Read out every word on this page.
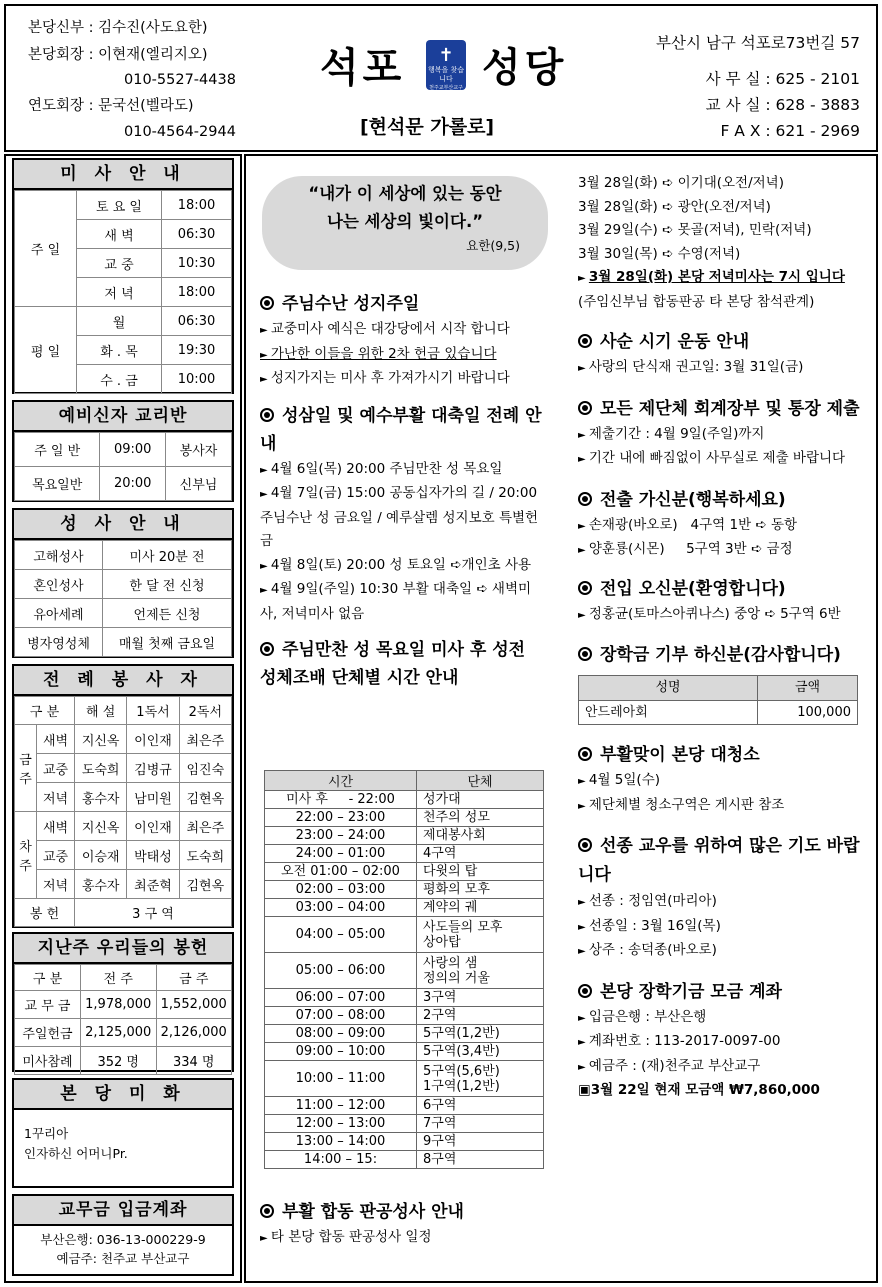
본당신부 : 김수진(사도요한)
본당회장 : 이현재(엘리지오)
010-5527-4438
연도회장 : 문국선(벨라도)
010-4564-2944
석포	✝
행복을 찾습니다
천주교부산교구 성당
[현석문 가롤로]
부산시 남구 석포로73번길 57
사 무 실 : 625 - 2101
교 사 실 : 628 - 3883
F A X : 621 - 2969
미 사 안 내
주 일	토 요 일	18:00
	새 벽	06:30
	교 중	10:30
	저 녁	18:00
평 일	월	06:30
	화 . 목	19:30
	수 . 금	10:00
예비신자 교리반
주 일 반	09:00	봉사자
목요일반	20:00	신부님
성 사 안 내
고해성사	미사 20분 전
혼인성사	한 달 전 신청
유아세례	언제든 신청
병자영성체	매월 첫째 금요일
전 례 봉 사 자
구 분		해 설	1독서	2독서
금주	새벽	지신옥	이인재	최은주
	교중	도숙희	김병규	임진숙
	저녁	홍수자	남미원	김현옥
차주	새벽	지신옥	이인재	최은주
	교중	이승재	박태성	도숙희
	저녁	홍수자	최준혁	김현옥
봉 헌		3 구 역		
지난주 우리들의 봉헌
구 분	전 주	금 주
교 무 금	1,978,000	1,552,000
주일헌금	2,125,000	2,126,000
미사참례	352 명	334 명
본 당 미 화
1꾸리아
인자하신 어머니Pr.
교무금 입금계좌
부산은행: 036-13-000229-9
예금주: 천주교 부산교구
“내가 이 세상에 있는 동안
나는 세상의 빛이다.”
요한(9,5)
주님수난 성지주일

► 교중미사 예식은 대강당에서 시작 합니다

► 가난한 이들을 위한 2차 헌금 있습니다

► 성지가지는 미사 후 가져가시기 바랍니다

성삼일 및 예수부활 대축일 전례 안내

► 4월 6일(목) 20:00 주님만찬 성 목요일

► 4월 7일(금) 15:00 공동십자가의 길 / 20:00 주님수난 성 금요일 / 예루살렘 성지보호 특별헌금

► 4월 8일(토) 20:00 성 토요일 ➪개인초 사용

► 4월 9일(주일) 10:30 부활 대축일 ➪ 새벽미사, 저녁미사 없음

주님만찬 성 목요일 미사 후 성전 성체조배 단체별 시간 안내
시간	단체
미사 후     - 22:00	성가대
22:00 – 23:00	천주의 성모
23:00 – 24:00	제대봉사회
24:00 – 01:00	4구역
오전 01:00 – 02:00	다윗의 탑
02:00 – 03:00	평화의 모후
03:00 – 04:00	계약의 궤
04:00 – 05:00	사도들의 모후
상아탑
05:00 – 06:00	사랑의 샘
정의의 거울
06:00 – 07:00	3구역
07:00 – 08:00	2구역
08:00 – 09:00	5구역(1,2반)
09:00 – 10:00	5구역(3,4반)
10:00 – 11:00	5구역(5,6반)
1구역(1,2반)
11:00 – 12:00	6구역
12:00 – 13:00	7구역
13:00 – 14:00	9구역
14:00 – 15:	8구역
부활 합동 판공성사 안내

► 타 본당 합동 판공성사 일정

3월 28일(화) ➪ 이기대(오전/저녁)

3월 28일(화) ➪ 광안(오전/저녁)

3월 29일(수) ➪ 못골(저녁), 민락(저녁)

3월 30일(목) ➪ 수영(저녁)

► 3월 28일(화) 본당 저녁미사는 7시 입니다(주임신부님 합동판공 타 본당 참석관계)

사순 시기 운동 안내

► 사랑의 단식재 권고일: 3월 31일(금)

모든 제단체 회계장부 및 통장 제출

► 제출기간 : 4월 9일(주일)까지

► 기간 내에 빠짐없이 사무실로 제출 바랍니다

전출 가신분(행복하세요)

► 손재광(바오로)   4구역 1반 ➪ 동항

► 양훈룡(시몬)     5구역 3반 ➪ 금정

전입 오신분(환영합니다)

► 정홍균(토마스아퀴나스) 중앙 ➪ 5구역 6반

장학금 기부 하신분(감사합니다)
성명	금액
안드레아회	100,000
부활맞이 본당 대청소

► 4월 5일(수)

► 제단체별 청소구역은 게시판 참조

선종 교우를 위하여 많은 기도 바랍니다

► 선종 : 정임연(마리아)

► 선종일 : 3월 16일(목)

► 상주 : 송덕종(바오로)

본당 장학기금 모금 계좌

► 입금은행 : 부산은행

► 계좌번호 : 113-2017-0097-00

► 예금주 : (재)천주교 부산교구

▣3월 22일 현재 모금액 ₩7,860,000
